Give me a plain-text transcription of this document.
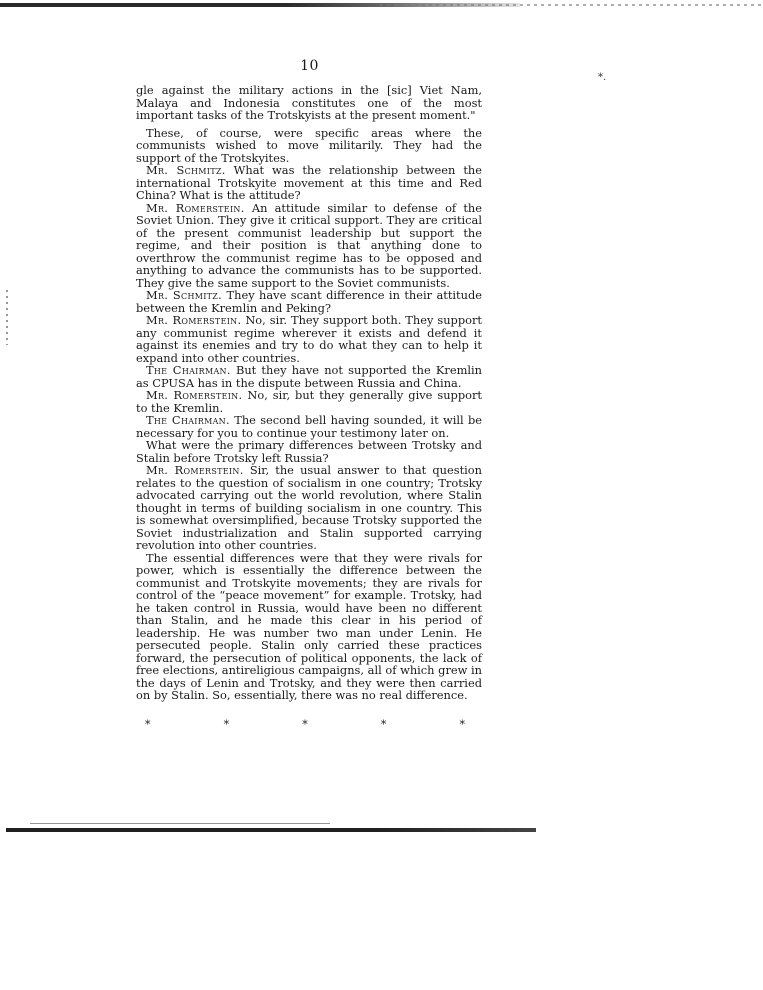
*.
10

gle against the military actions in the [sic] Viet Nam, Malaya and Indonesia constitutes one of the most important tasks of the Trotskyists at the present moment."

These, of course, were specific areas where the communists wished to move militarily. They had the support of the Trotskyites.

Mr. Schmitz. What was the relationship between the international Trotskyite movement at this time and Red China? What is the attitude?

Mr. Romerstein. An attitude similar to defense of the Soviet Union. They give it critical support. They are critical of the present communist leadership but support the regime, and their position is that anything done to overthrow the communist regime has to be opposed and anything to advance the communists has to be supported. They give the same support to the Soviet communists.

Mr. Schmitz. They have scant difference in their attitude between the Kremlin and Peking?

Mr. Romerstein. No, sir. They support both. They support any communist regime wherever it exists and defend it against its enemies and try to do what they can to help it expand into other countries.

The Chairman. But they have not supported the Kremlin as CPUSA has in the dispute between Russia and China.

Mr. Romerstein. No, sir, but they generally give support to the Kremlin.

The Chairman. The second bell having sounded, it will be necessary for you to continue your testimony later on.

What were the primary differences between Trotsky and Stalin before Trotsky left Russia?

Mr. Romerstein. Sir, the usual answer to that question relates to the question of socialism in one country; Trotsky advocated carrying out the world revolution, where Stalin thought in terms of building socialism in one country. This is somewhat oversimplified, because Trotsky supported the Soviet industrialization and Stalin supported carrying revolution into other countries.

The essential differences were that they were rivals for power, which is essentially the difference between the communist and Trotskyite movements; they are rivals for control of the “peace movement” for example. Trotsky, had he taken control in Russia, would have been no different than Stalin, and he made this clear in his period of leadership. He was number two man under Lenin. He persecuted people. Stalin only carried these practices forward, the persecution of political opponents, the lack of free elections, antireligious campaigns, all of which grew in the days of Lenin and Trotsky, and they were then carried on by Stalin. So, essentially, there was no real difference.

*	*	*	*	*
